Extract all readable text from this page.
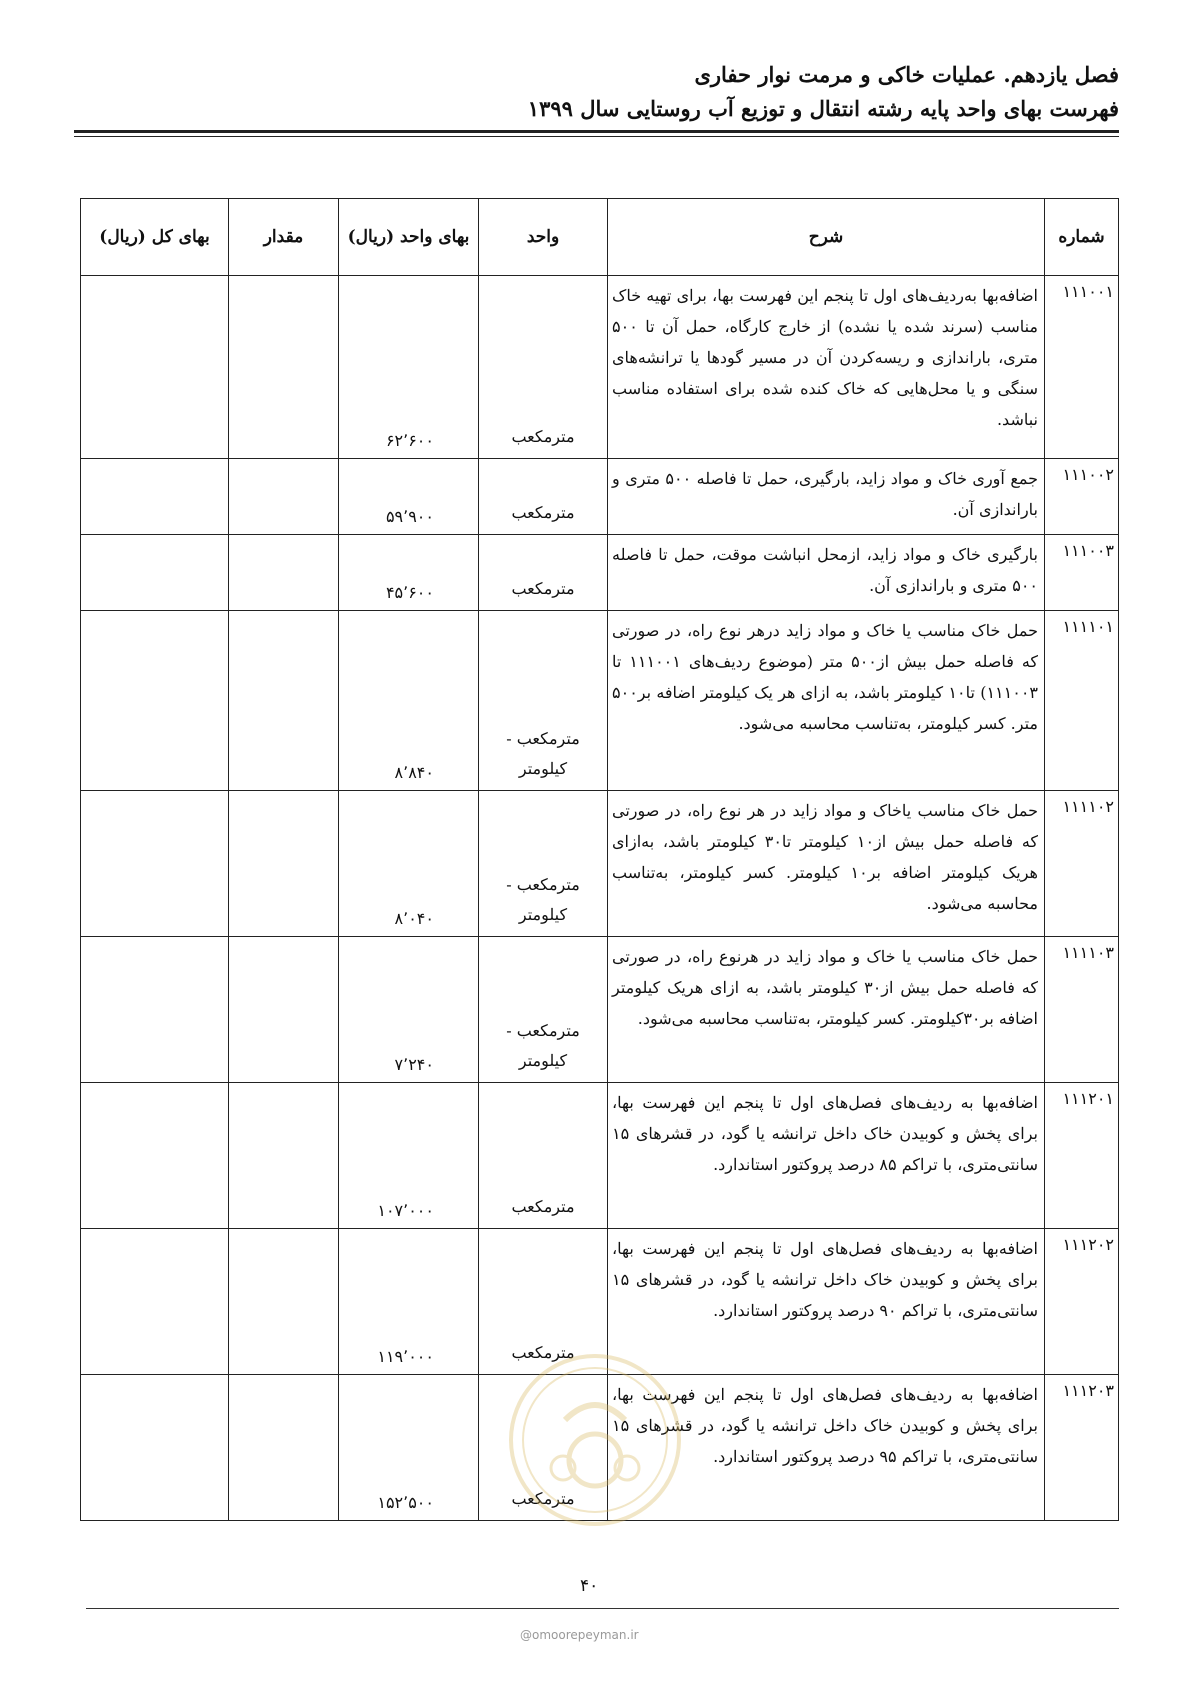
فصل یازدهم. عملیات خاکی و مرمت نوار حفاری
فهرست بهای واحد پایه رشته انتقال و توزیع آب روستایی سال ۱۳۹۹
شماره	شرح	واحد	بهای واحد (ریال)	مقدار	بهای کل (ریال)
۱۱۱۰۰۱	اضافه‌بها به‌ردیف‌های اول تا پنجم این فهرست بها، برای تهیه خاک مناسب (سرند شده یا نشده) از خارج کارگاه، حمل آن تا ۵۰۰ متری، باراندازی و ریسه‌کردن آن در مسیر گودها یا ترانشه‌های سنگی و یا محل‌هایی که خاک کنده شده برای استفاده مناسب نباشد.	مترمکعب	۶۲٬۶۰۰		
۱۱۱۰۰۲	جمع آوری خاک و مواد زاید، بارگیری، حمل تا فاصله ۵۰۰ متری و باراندازی آن.	مترمکعب	۵۹٬۹۰۰		
۱۱۱۰۰۳	بارگیری خاک و مواد زاید، ازمحل انباشت موقت، حمل تا فاصله ۵۰۰ متری و باراندازی آن.	مترمکعب	۴۵٬۶۰۰		
۱۱۱۱۰۱	حمل خاک مناسب یا خاک و مواد زاید درهر نوع راه، در صورتی که فاصله حمل بیش از۵۰۰ متر (موضوع ردیف‌های ۱۱۱۰۰۱ تا ۱۱۱۰۰۳) تا۱۰ کیلومتر باشد، به ازای هر یک کیلومتر اضافه بر۵۰۰ متر. کسر کیلومتر، به‌تناسب محاسبه می‌شود.	مترمکعب - کیلومتر	۸٬۸۴۰		
۱۱۱۱۰۲	حمل خاک مناسب یاخاک و مواد زاید در هر نوع راه، در صورتی که فاصله حمل بیش از۱۰ کیلومتر تا۳۰ کیلومتر باشد، به‌ازای هریک کیلومتر اضافه بر۱۰ کیلومتر. کسر کیلومتر، به‌تناسب محاسبه می‌شود.	مترمکعب - کیلومتر	۸٬۰۴۰		
۱۱۱۱۰۳	حمل خاک مناسب یا خاک و مواد زاید در هرنوع راه، در صورتی که فاصله حمل بیش از۳۰ کیلومتر باشد، به ازای هریک کیلومتر اضافه بر۳۰کیلومتر. کسر کیلومتر، به‌تناسب محاسبه می‌شود.	مترمکعب - کیلومتر	۷٬۲۴۰		
۱۱۱۲۰۱	اضافه‌بها به ردیف‌های فصل‌های اول تا پنجم این فهرست بها، برای پخش و کوبیدن خاک داخل ترانشه یا گود، در قشرهای ۱۵ سانتی‌متری، با تراکم ۸۵ درصد پروکتور استاندارد.	مترمکعب	۱۰۷٬۰۰۰		
۱۱۱۲۰۲	اضافه‌بها به ردیف‌های فصل‌های اول تا پنجم این فهرست بها، برای پخش و کوبیدن خاک داخل ترانشه یا گود، در قشرهای ۱۵ سانتی‌متری، با تراکم ۹۰ درصد پروکتور استاندارد.	مترمکعب	۱۱۹٬۰۰۰		
۱۱۱۲۰۳	اضافه‌بها به ردیف‌های فصل‌های اول تا پنجم این فهرست بها، برای پخش و کوبیدن خاک داخل ترانشه یا گود، در قشرهای ۱۵ سانتی‌متری، با تراکم ۹۵ درصد پروکتور استاندارد.	مترمکعب	۱۵۲٬۵۰۰		
۴۰
@omoorepeyman.ir
